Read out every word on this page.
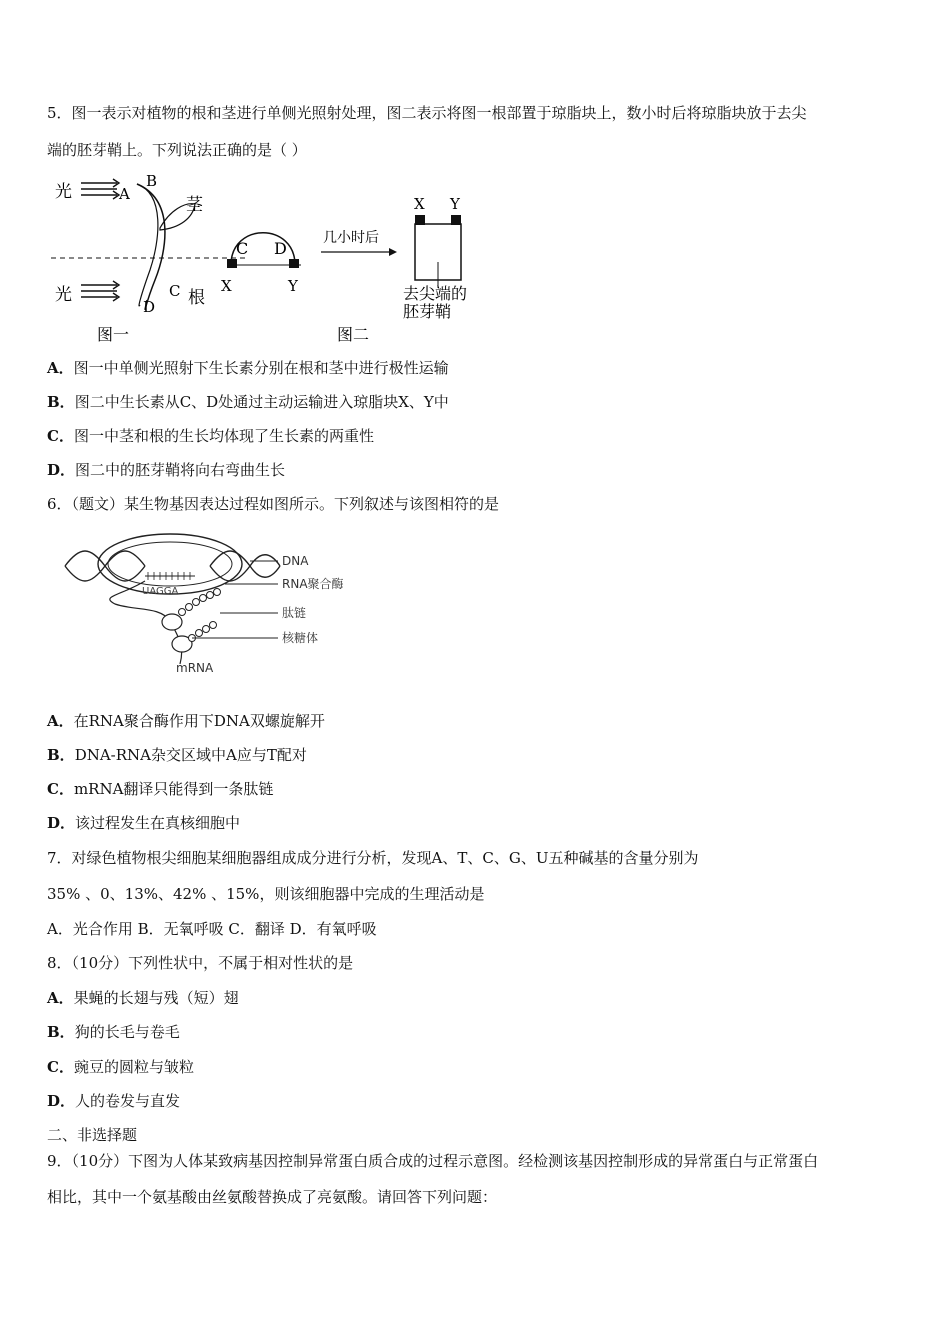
5．图一表示对植物的根和茎进行单侧光照射处理，图二表示将图一根部置于琼脂块上，数小时后将琼脂块放于去尖
端的胚芽鞘上。下列说法正确的是（ ）
光	A
B
茎
光	C 根
D
图一
C D
X	Y
几小时后
X Y
去尖端的
胚芽鞘
图二
A．图一中单侧光照射下生长素分别在根和茎中进行极性运输
B．图二中生长素从C、D处通过主动运输进入琼脂块X、Y中
C．图一中茎和根的生长均体现了生长素的两重性
D．图二中的胚芽鞘将向右弯曲生长
6．（题文）某生物基因表达过程如图所示。下列叙述与该图相符的是
UAGGA
DNA
RNA聚合酶
肽链
核糖体
mRNA
A．在RNA聚合酶作用下DNA双螺旋解开
B．DNA-RNA杂交区域中A应与T配对
C．mRNA翻译只能得到一条肽链
D．该过程发生在真核细胞中
7．对绿色植物根尖细胞某细胞器组成成分进行分析，发现A、T、C、G、U五种碱基的含量分别为
35% 、0、13%、42% 、15%，则该细胞器中完成的生理活动是
A．光合作用 B．无氧呼吸 C．翻译 D．有氧呼吸
8．（10分）下列性状中，不属于相对性状的是
A．果蝇的长翅与残（短）翅
B．狗的长毛与卷毛
C．豌豆的圆粒与皱粒
D．人的卷发与直发
二、非选择题
9．（10分）下图为人体某致病基因控制异常蛋白质合成的过程示意图。经检测该基因控制形成的异常蛋白与正常蛋白
相比，其中一个氨基酸由丝氨酸替换成了亮氨酸。请回答下列问题：
